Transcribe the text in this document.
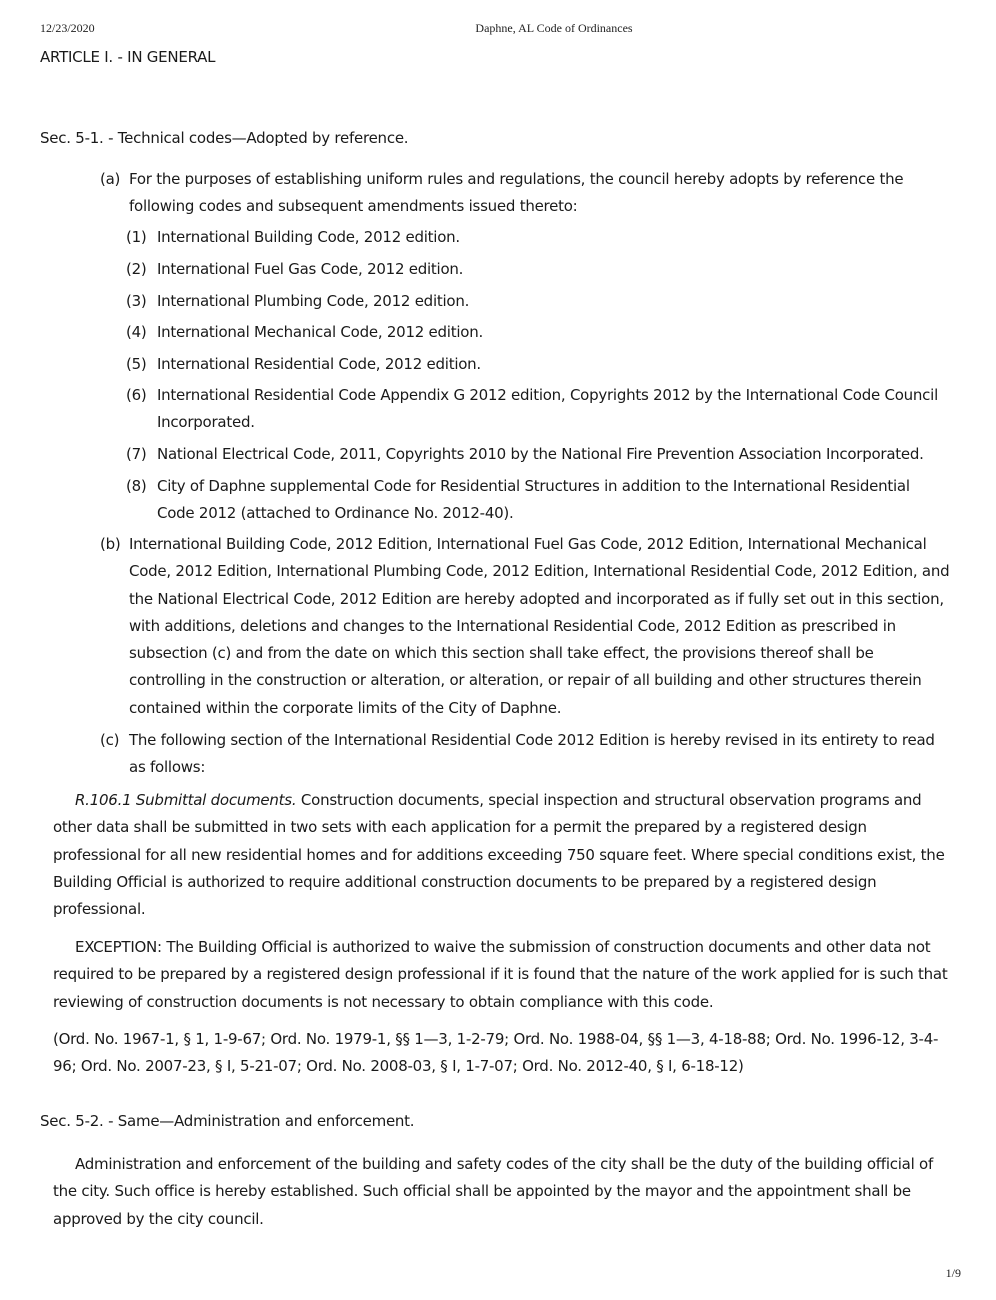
12/23/2020	Daphne, AL Code of Ordinances
ARTICLE I. - IN GENERAL
Sec. 5-1. - Technical codes—Adopted by reference.
(a) For the purposes of establishing uniform rules and regulations, the council hereby adopts by reference the following codes and subsequent amendments issued thereto:
(1) International Building Code, 2012 edition.
(2) International Fuel Gas Code, 2012 edition.
(3) International Plumbing Code, 2012 edition.
(4) International Mechanical Code, 2012 edition.
(5) International Residential Code, 2012 edition.
(6) International Residential Code Appendix G 2012 edition, Copyrights 2012 by the International Code Council Incorporated.
(7) National Electrical Code, 2011, Copyrights 2010 by the National Fire Prevention Association Incorporated.
(8) City of Daphne supplemental Code for Residential Structures in addition to the International Residential Code 2012 (attached to Ordinance No. 2012-40).
(b) International Building Code, 2012 Edition, International Fuel Gas Code, 2012 Edition, International Mechanical Code, 2012 Edition, International Plumbing Code, 2012 Edition, International Residential Code, 2012 Edition, and the National Electrical Code, 2012 Edition are hereby adopted and incorporated as if fully set out in this section, with additions, deletions and changes to the International Residential Code, 2012 Edition as prescribed in subsection (c) and from the date on which this section shall take effect, the provisions thereof shall be controlling in the construction or alteration, or alteration, or repair of all building and other structures therein contained within the corporate limits of the City of Daphne.
(c) The following section of the International Residential Code 2012 Edition is hereby revised in its entirety to read as follows:
R.106.1 Submittal documents. Construction documents, special inspection and structural observation programs and other data shall be submitted in two sets with each application for a permit the prepared by a registered design professional for all new residential homes and for additions exceeding 750 square feet. Where special conditions exist, the Building Official is authorized to require additional construction documents to be prepared by a registered design professional.
EXCEPTION: The Building Official is authorized to waive the submission of construction documents and other data not required to be prepared by a registered design professional if it is found that the nature of the work applied for is such that reviewing of construction documents is not necessary to obtain compliance with this code.
(Ord. No. 1967-1, § 1, 1-9-67; Ord. No. 1979-1, §§ 1—3, 1-2-79; Ord. No. 1988-04, §§ 1—3, 4-18-88; Ord. No. 1996-12, 3-4-96; Ord. No. 2007-23, § I, 5-21-07; Ord. No. 2008-03, § I, 1-7-07; Ord. No. 2012-40, § I, 6-18-12)
Sec. 5-2. - Same—Administration and enforcement.
Administration and enforcement of the building and safety codes of the city shall be the duty of the building official of the city. Such office is hereby established. Such official shall be appointed by the mayor and the appointment shall be approved by the city council.
1/9
